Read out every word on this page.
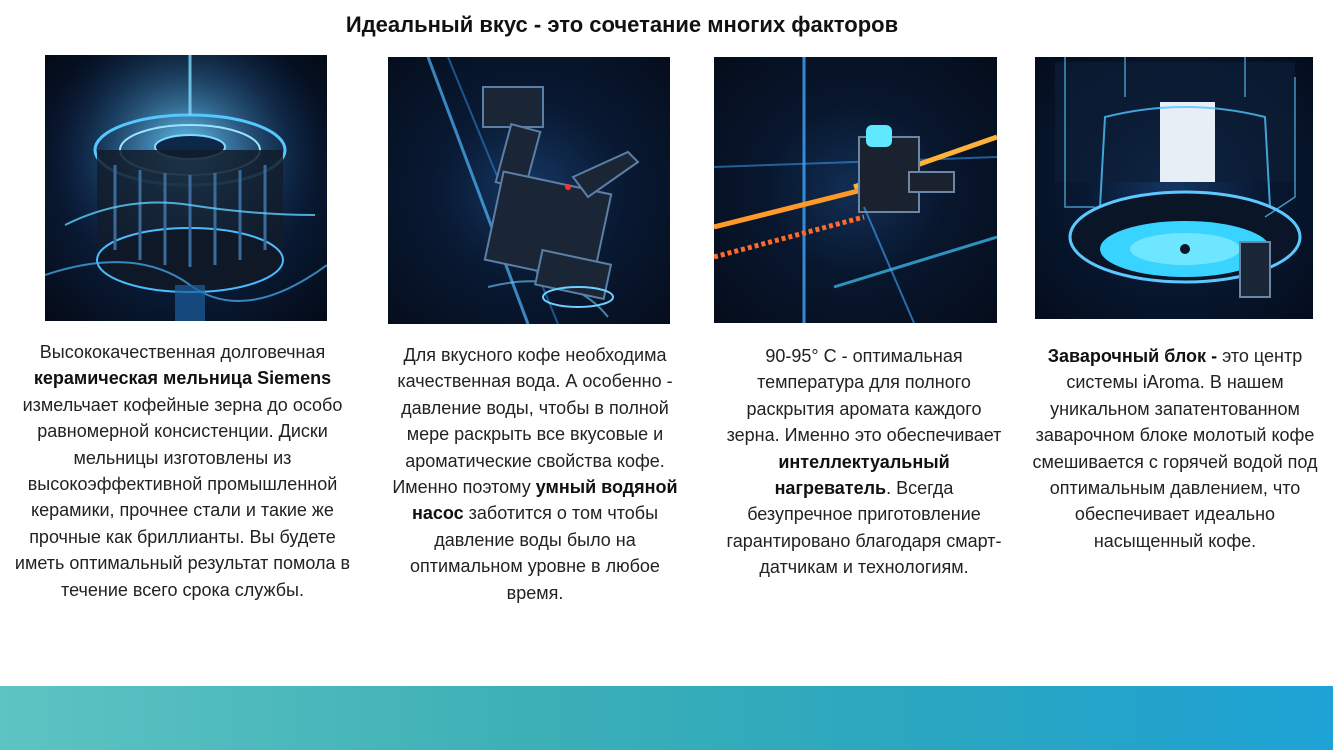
Идеальный вкус - это сочетание многих факторов
Высококачественная долговечная керамическая мельница Siemens измельчает кофейные зерна до особо равномерной консистенции. Диски мельницы изготовлены из высокоэффективной промышленной керамики, прочнее стали и такие же прочные как бриллианты. Вы будете иметь оптимальный результат помола в течение всего срока службы.
Для вкусного кофе необходима качественная вода. А особенно - давление воды, чтобы в полной мере раскрыть все вкусовые и ароматические свойства кофе. Именно поэтому умный водяной насос заботится о том чтобы давление воды было на оптимальном уровне в любое время.
90-95° C - оптимальная температура для полного раскрытия аромата каждого зерна. Именно это обеспечивает интеллектуальный нагреватель. Всегда безупречное приготовление гарантировано благодаря смарт-датчикам и технологиям.
Заварочный блок - это центр системы iAroma. В нашем уникальном запатентованном заварочном блоке молотый кофе смешивается с горячей водой под оптимальным давлением, что обеспечивает идеально насыщенный кофе.
